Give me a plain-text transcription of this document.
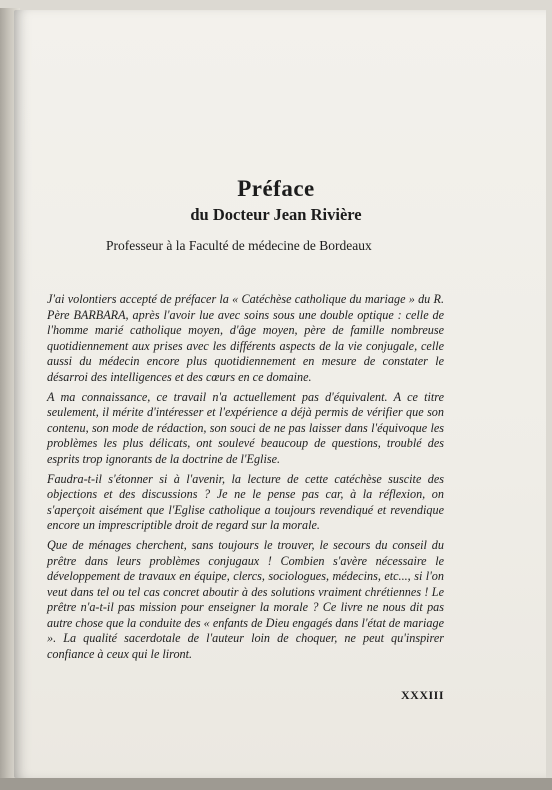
Préface
du Docteur Jean Rivière

Professeur à la Faculté de médecine de Bordeaux

J'ai volontiers accepté de préfacer la « Catéchèse catholique du mariage » du R. Père BARBARA, après l'avoir lue avec soins sous une double optique : celle de l'homme marié catholique moyen, d'âge moyen, père de famille nombreuse quotidiennement aux prises avec les différents aspects de la vie conjugale, celle aussi du médecin encore plus quotidiennement en mesure de constater le désarroi des intelligences et des cœurs en ce domaine.

A ma connaissance, ce travail n'a actuellement pas d'équivalent. A ce titre seulement, il mérite d'intéresser et l'expérience a déjà permis de vérifier que son contenu, son mode de rédaction, son souci de ne pas laisser dans l'équivoque les problèmes les plus délicats, ont soulevé beaucoup de questions, troublé des esprits trop ignorants de la doctrine de l'Eglise.

Faudra-t-il s'étonner si à l'avenir, la lecture de cette catéchèse suscite des objections et des discussions ? Je ne le pense pas car, à la réflexion, on s'aperçoit aisément que l'Eglise catholique a toujours revendiqué et revendique encore un imprescriptible droit de regard sur la morale.

Que de ménages cherchent, sans toujours le trouver, le secours du conseil du prêtre dans leurs problèmes conjugaux ! Combien s'avère nécessaire le développement de travaux en équipe, clercs, sociologues, médecins, etc..., si l'on veut dans tel ou tel cas concret aboutir à des solutions vraiment chrétiennes ! Le prêtre n'a-t-il pas mission pour enseigner la morale ? Ce livre ne nous dit pas autre chose que la conduite des « enfants de Dieu engagés dans l'état de mariage ». La qualité sacerdotale de l'auteur loin de choquer, ne peut qu'inspirer confiance à ceux qui le liront.

XXXIII
